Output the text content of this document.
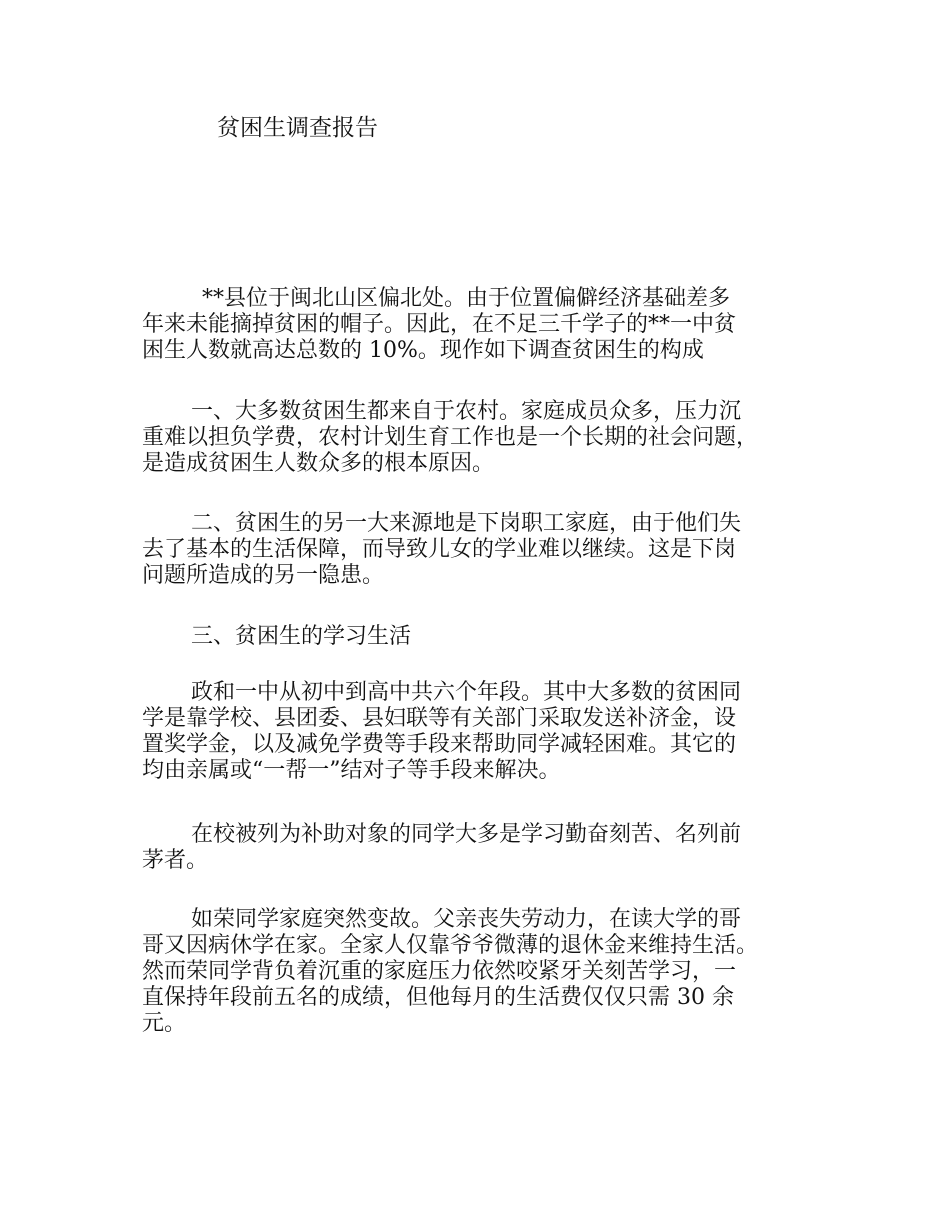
贫困生调查报告

**县位于闽北山区偏北处。由于位置偏僻经济基础差多
年来未能摘掉贫困的帽子。因此，在不足三千学子的**一中贫
困生人数就高达总数的 10%。现作如下调查贫困生的构成

一、大多数贫困生都来自于农村。家庭成员众多，压力沉
重难以担负学费，农村计划生育工作也是一个长期的社会问题，
是造成贫困生人数众多的根本原因。

二、贫困生的另一大来源地是下岗职工家庭，由于他们失
去了基本的生活保障，而导致儿女的学业难以继续。这是下岗
问题所造成的另一隐患。

三、贫困生的学习生活

政和一中从初中到高中共六个年段。其中大多数的贫困同
学是靠学校、县团委、县妇联等有关部门采取发送补济金，设
置奖学金，以及减免学费等手段来帮助同学减轻困难。其它的
均由亲属或“一帮一”结对子等手段来解决。

在校被列为补助对象的同学大多是学习勤奋刻苦、名列前
茅者。

如荣同学家庭突然变故。父亲丧失劳动力，在读大学的哥
哥又因病休学在家。全家人仅靠爷爷微薄的退休金来维持生活。
然而荣同学背负着沉重的家庭压力依然咬紧牙关刻苦学习，一
直保持年段前五名的成绩，但他每月的生活费仅仅只需 30 余
元。
